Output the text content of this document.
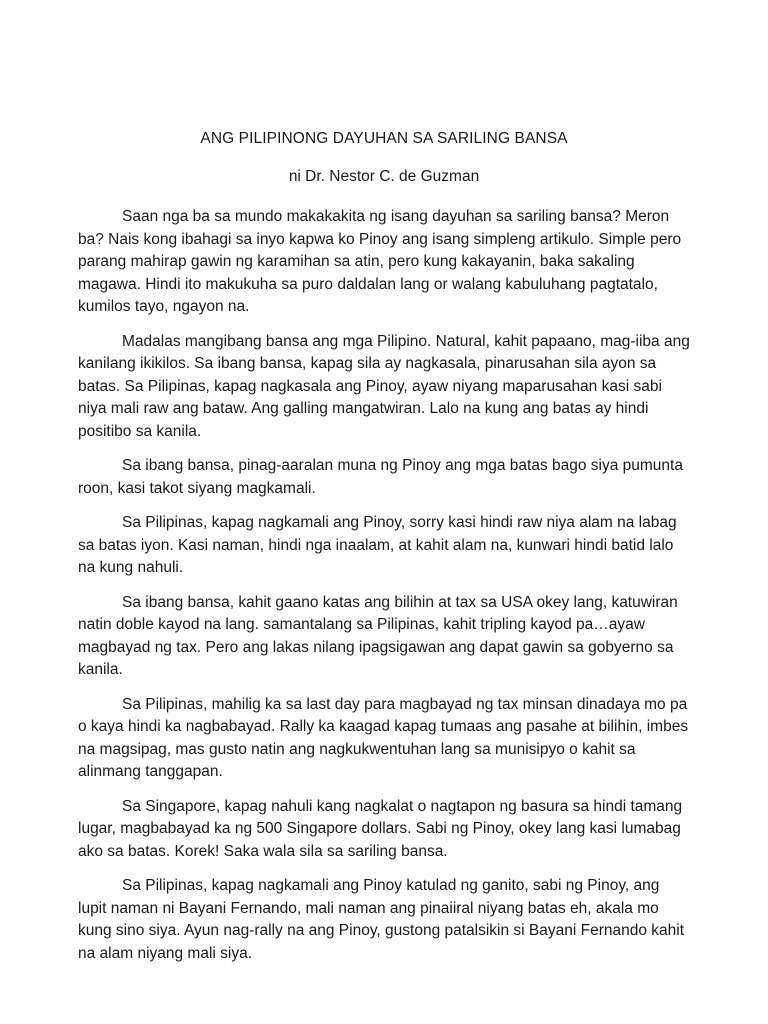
ANG PILIPINONG DAYUHAN SA SARILING BANSA

ni Dr. Nestor C. de Guzman

Saan nga ba sa mundo makakakita ng isang dayuhan sa sariling bansa? Meron ba? Nais kong ibahagi sa inyo kapwa ko Pinoy ang isang simpleng artikulo. Simple pero parang mahirap gawin ng karamihan sa atin, pero kung kakayanin, baka sakaling magawa. Hindi ito makukuha sa puro daldalan lang or walang kabuluhang pagtatalo, kumilos tayo, ngayon na.

Madalas mangibang bansa ang mga Pilipino. Natural, kahit papaano, mag-iiba ang kanilang ikikilos. Sa ibang bansa, kapag sila ay nagkasala, pinarusahan sila ayon sa batas. Sa Pilipinas, kapag nagkasala ang Pinoy, ayaw niyang maparusahan kasi sabi niya mali raw ang bataw. Ang galling mangatwiran. Lalo na kung ang batas ay hindi positibo sa kanila.

Sa ibang bansa, pinag-aaralan muna ng Pinoy ang mga batas bago siya pumunta roon, kasi takot siyang magkamali.

Sa Pilipinas, kapag nagkamali ang Pinoy, sorry kasi hindi raw niya alam na labag sa batas iyon. Kasi naman, hindi nga inaalam, at kahit alam na, kunwari hindi batid lalo na kung nahuli.

Sa ibang bansa, kahit gaano katas ang bilihin at tax sa USA okey lang, katuwiran natin doble kayod na lang. samantalang sa Pilipinas, kahit tripling kayod pa…ayaw magbayad ng tax. Pero ang lakas nilang ipagsigawan ang dapat gawin sa gobyerno sa kanila.

Sa Pilipinas, mahilig ka sa last day para magbayad ng tax minsan dinadaya mo pa o kaya hindi ka nagbabayad. Rally ka kaagad kapag tumaas ang pasahe at bilihin, imbes na magsipag, mas gusto natin ang nagkukwentuhan lang sa munisipyo o kahit sa alinmang tanggapan.

Sa Singapore, kapag nahuli kang nagkalat o nagtapon ng basura sa hindi tamang lugar, magbabayad ka ng 500 Singapore dollars. Sabi ng Pinoy, okey lang kasi lumabag ako sa batas. Korek! Saka wala sila sa sariling bansa.

Sa Pilipinas, kapag nagkamali ang Pinoy katulad ng ganito, sabi ng Pinoy, ang lupit naman ni Bayani Fernando, mali naman ang pinaiiral niyang batas eh, akala mo kung sino siya. Ayun nag-rally na ang Pinoy, gustong patalsikin si Bayani Fernando kahit na alam niyang mali siya.
